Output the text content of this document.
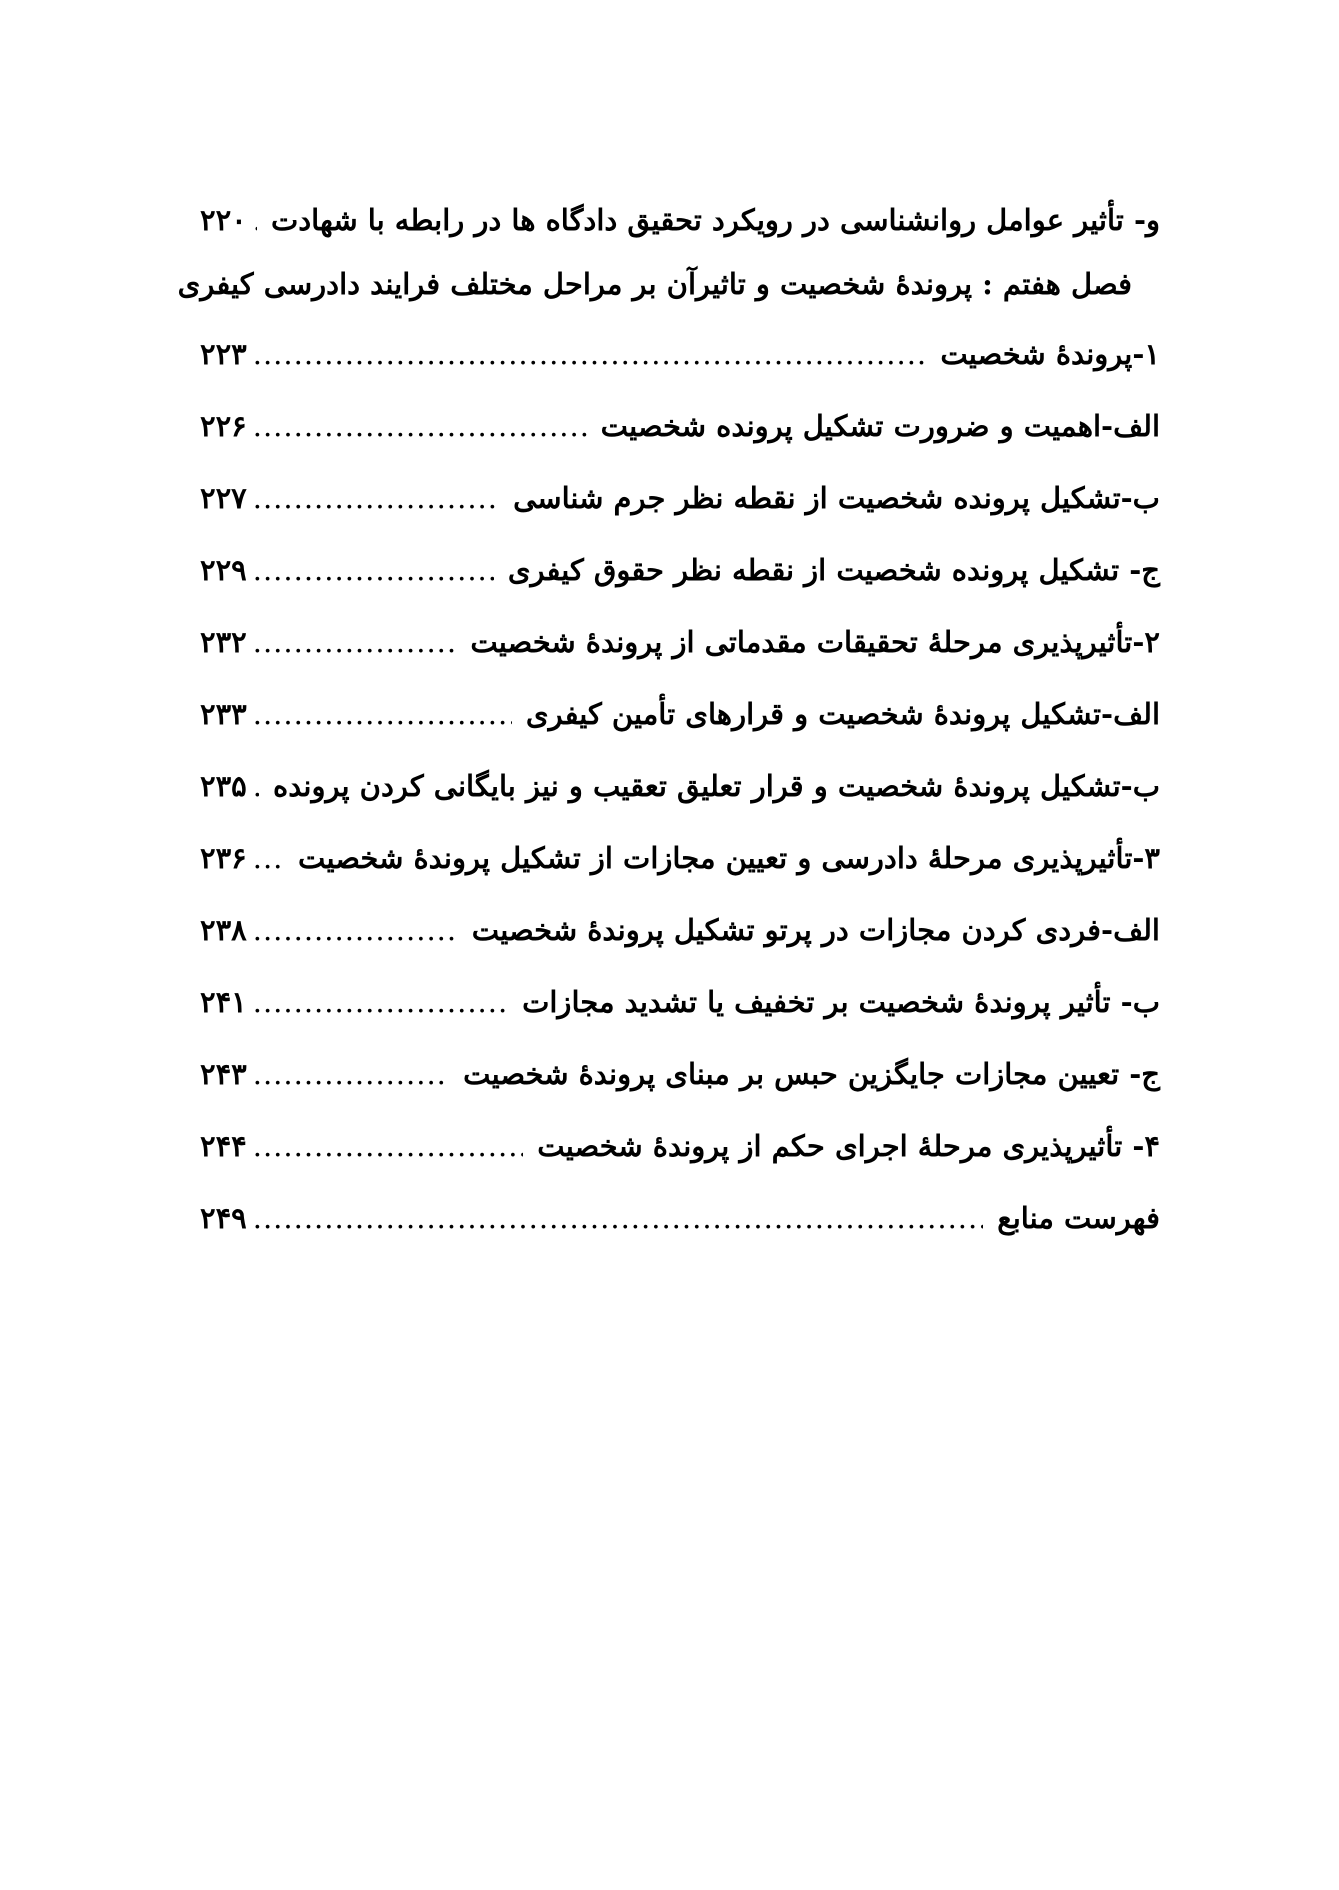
و- تأثیر عوامل روانشناسی در رویکرد تحقیق دادگاه ها در رابطه با شهادت
.....
۲۲۰
فصل هفتم : پروندۀ شخصیت و تاثیرآن بر مراحل مختلف فرایند دادرسی کیفری
۱-پروندۀ شخصیت
.....
۲۲۳
الف-اهمیت و ضرورت تشکیل پرونده شخصیت
.....
۲۲۶
ب-تشکیل پرونده شخصیت از نقطه نظر جرم شناسی
.....
۲۲۷
ج- تشکیل پرونده شخصیت از نقطه نظر حقوق کیفری
.....
۲۲۹
۲-تأثیرپذیری مرحلۀ تحقیقات مقدماتی از پروندۀ شخصیت
.....
۲۳۲
الف-تشکیل پروندۀ شخصیت و قرارهای تأمین کیفری
.....
۲۳۳
ب-تشکیل پروندۀ شخصیت و قرار تعلیق تعقیب و نیز بایگانی کردن پرونده
.....
۲۳۵
۳-تأثیرپذیری مرحلۀ دادرسی و تعیین مجازات از تشکیل پروندۀ شخصیت
.....
۲۳۶
الف-فردی کردن مجازات در پرتو تشکیل پروندۀ شخصیت
.....
۲۳۸
ب- تأثیر پروندۀ شخصیت بر تخفیف یا تشدید مجازات
.....
۲۴۱
ج- تعیین مجازات جایگزین حبس بر مبنای پروندۀ شخصیت
.....
۲۴۳
۴- تأثیرپذیری مرحلۀ اجرای حکم از پروندۀ شخصیت
.....
۲۴۴
فهرست منابع
.....
۲۴۹
